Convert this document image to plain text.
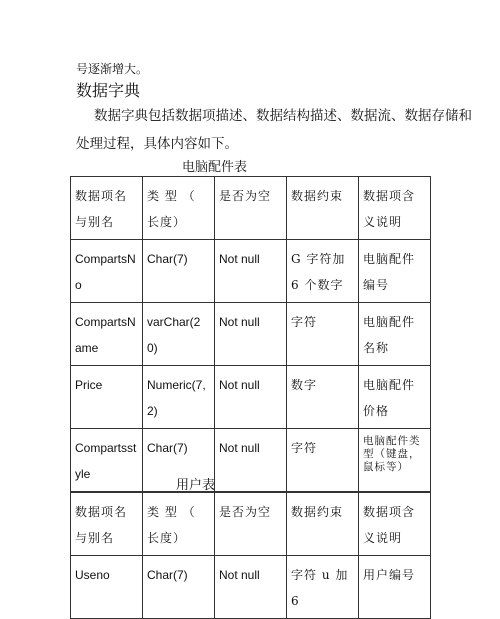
号逐渐增大。
数据字典
数据字典包括数据项描述、数据结构描述、数据流、数据存储和
处理过程，具体内容如下。
电脑配件表
数据项名与别名	类 型 （ 长度）	是否为空	数据约束	数据项含义说明
CompartsNo	Char(7)	Not null	G 字符加 6 个数字	电脑配件编号
CompartsName	varChar(20)	Not null	字符	电脑配件名称
Price	Numeric(7,2)	Not null	数字	电脑配件价格
Compartsstyle	Char(7)	Not null	字符	电脑配件类型（键盘，鼠标等）
用户表
数据项名与别名	类 型 （ 长度）	是否为空	数据约束	数据项含义说明
Useno	Char(7)	Not null	字符 u 加 6	用户编号
